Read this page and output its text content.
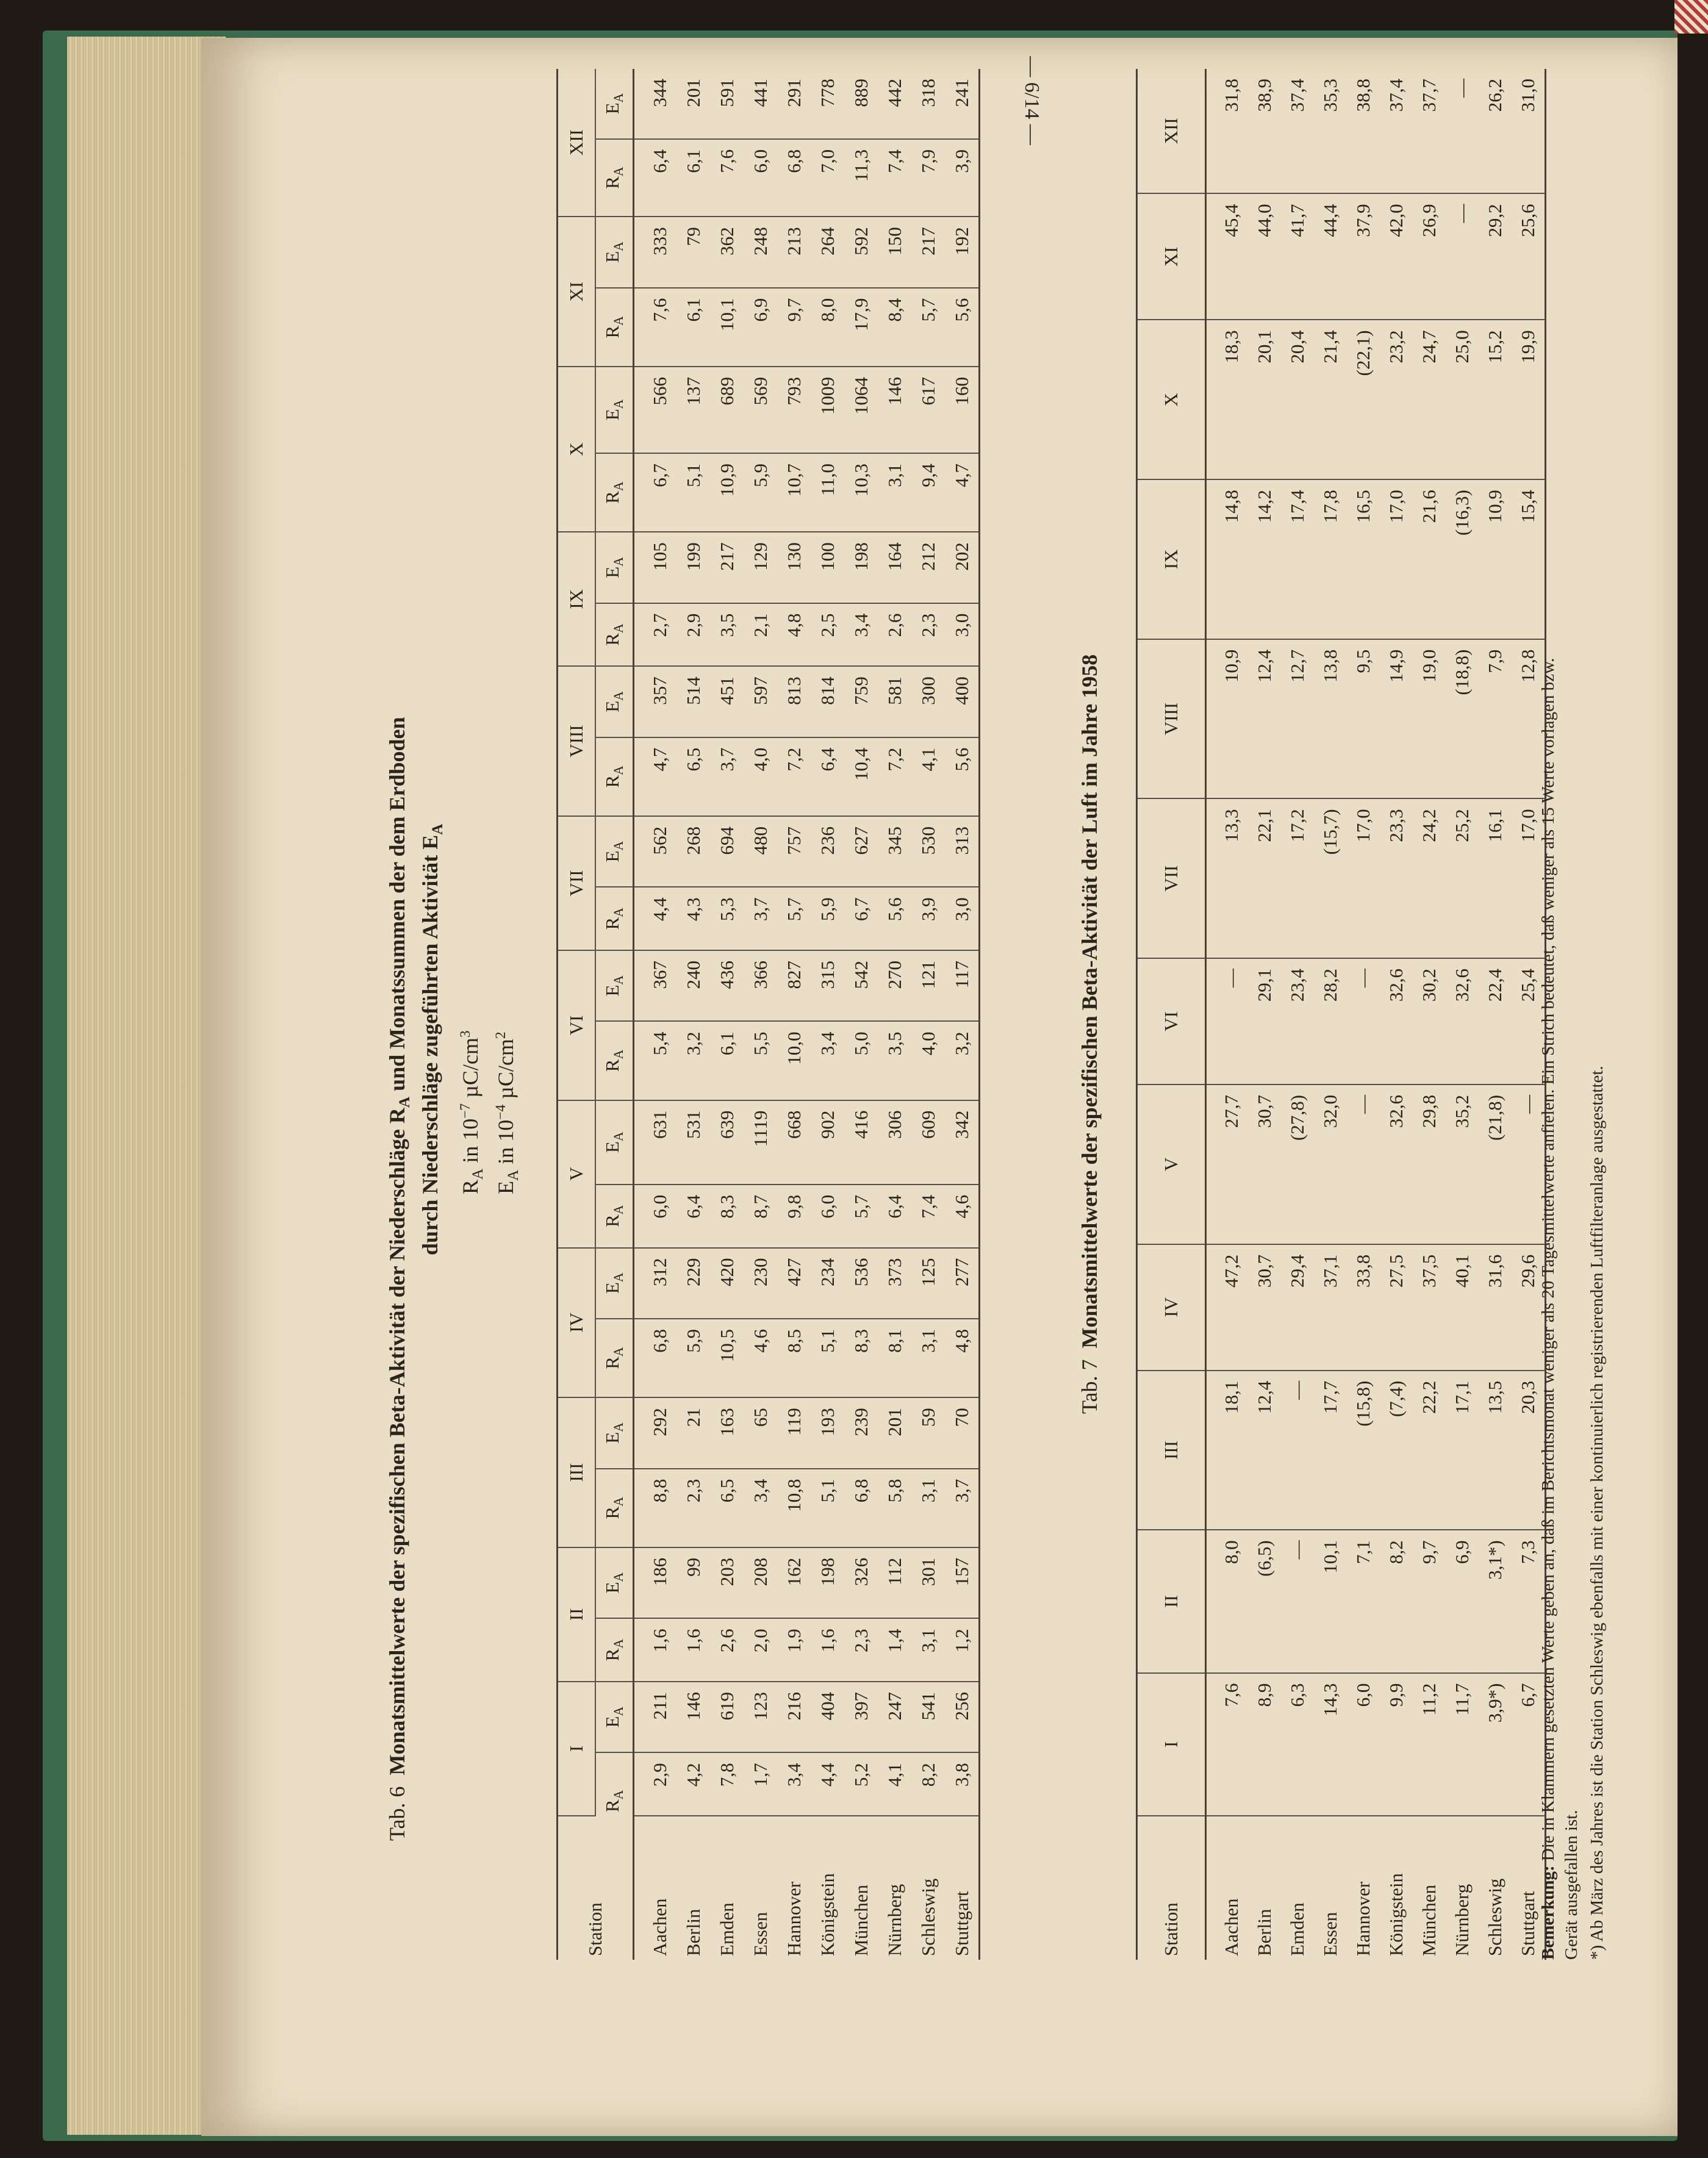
— 6/14 —
Tab. 6  Monatsmittelwerte der spezifischen Beta-Aktivität der Niederschläge $R_A$ und Monatssummen der dem Erdboden durch Niederschläge zugeführten Aktivität $E_A$
$R_A$ in $10^{-7}$ $\mu C/cm^3$
$E_A$ in $10^{-4}$ $\mu C/cm^2$
Station	I		II		III		IV		V		VI		VII		VIII		IX		X		XI		XII	
	$R_A$	$E_A$	$R_A$	$E_A$	$R_A$	$E_A$	$R_A$	$E_A$	$R_A$	$E_A$	$R_A$	$E_A$	$R_A$	$E_A$	$R_A$	$E_A$	$R_A$	$E_A$	$R_A$	$E_A$	$R_A$	$E_A$	$R_A$	$E_A$
Aachen	2,9	211	1,6	186	8,8	292	6,8	312	6,0	631	5,4	367	4,4	562	4,7	357	2,7	105	6,7	566	7,6	333	6,4	344
Berlin	4,2	146	1,6	99	2,3	21	5,9	229	6,4	531	3,2	240	4,3	268	6,5	514	2,9	199	5,1	137	6,1	79	6,1	201
Emden	7,8	619	2,6	203	6,5	163	10,5	420	8,3	639	6,1	436	5,3	694	3,7	451	3,5	217	10,9	689	10,1	362	7,6	591
Essen	1,7	123	2,0	208	3,4	65	4,6	230	8,7	1119	5,5	366	3,7	480	4,0	597	2,1	129	5,9	569	6,9	248	6,0	441
Hannover	3,4	216	1,9	162	10,8	119	8,5	427	9,8	668	10,0	827	5,7	757	7,2	813	4,8	130	10,7	793	9,7	213	6,8	291
Königstein	4,4	404	1,6	198	5,1	193	5,1	234	6,0	902	3,4	315	5,9	236	6,4	814	2,5	100	11,0	1009	8,0	264	7,0	778
München	5,2	397	2,3	326	6,8	239	8,3	536	5,7	416	5,0	542	6,7	627	10,4	759	3,4	198	10,3	1064	17,9	592	11,3	889
Nürnberg	4,1	247	1,4	112	5,8	201	8,1	373	6,4	306	3,5	270	5,6	345	7,2	581	2,6	164	3,1	146	8,4	150	7,4	442
Schleswig	8,2	541	3,1	301	3,1	59	3,1	125	7,4	609	4,0	121	3,9	530	4,1	300	2,3	212	9,4	617	5,7	217	7,9	318
Stuttgart	3,8	256	1,2	157	3,7	70	4,8	277	4,6	342	3,2	117	3,0	313	5,6	400	3,0	202	4,7	160	5,6	192	3,9	241
Tab. 7  Monatsmittelwerte der spezifischen Beta-Aktivität der Luft im Jahre 1958
Station	I	II	III	IV	V	VI	VII	VIII	IX	X	XI	XII
Aachen	7,6	8,0	18,1	47,2	27,7	—	13,3	10,9	14,8	18,3	45,4	31,8
Berlin	8,9	(6,5)	12,4	30,7	30,7	29,1	22,1	12,4	14,2	20,1	44,0	38,9
Emden	6,3	—	—	29,4	(27,8)	23,4	17,2	12,7	17,4	20,4	41,7	37,4
Essen	14,3	10,1	17,7	37,1	32,0	28,2	(15,7)	13,8	17,8	21,4	44,4	35,3
Hannover	6,0	7,1	(15,8)	33,8	—	—	17,0	9,5	16,5	(22,1)	37,9	38,8
Königstein	9,9	8,2	(7,4)	27,5	32,6	32,6	23,3	14,9	17,0	23,2	42,0	37,4
München	11,2	9,7	22,2	37,5	29,8	30,2	24,2	19,0	21,6	24,7	26,9	37,7
Nürnberg	11,7	6,9	17,1	40,1	35,2	32,6	25,2	(18,8)	(16,3)	25,0	—	—
Schleswig	3,9*)	3,1*)	13,5	31,6	(21,8)	22,4	16,1	7,9	10,9	15,2	29,2	26,2
Stuttgart	6,7	7,3	20,3	29,6	—	25,4	17,0	12,8	15,4	19,9	25,6	31,0
Bemerkung: Die in Klammern gesetzten Werte geben an, daß im Berichtsmonat weniger als 20 Tagesmittelwerte anfielen. Ein Strich bedeutet, daß weniger als 15 Werte vorlagen bzw.
Gerät ausgefallen ist. *) Ab März des Jahres ist die Station Schleswig ebenfalls mit einer kontinuierlich registrierenden Luftfilteranlage ausgestattet.
